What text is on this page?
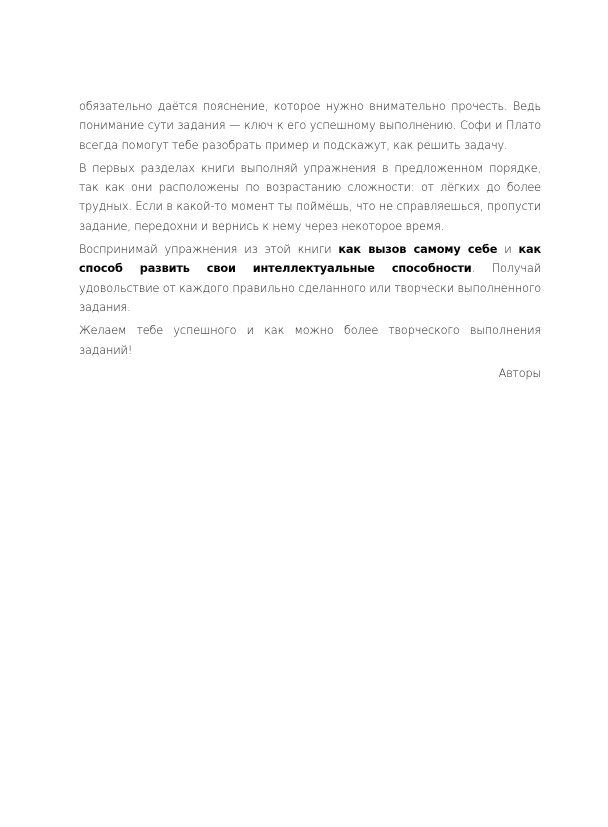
обязательно даётся пояснение, которое нужно внимательно прочесть. Ведь понимание сути задания — ключ к его успешному выполнению. Софи и Плато всегда помогут тебе разобрать пример и подскажут, как решить задачу.

В первых разделах книги выполняй упражнения в предложенном порядке, так как они расположены по возрастанию сложности: от лёгких до более трудных. Если в какой-то момент ты поймёшь, что не справляешься, пропусти задание, передохни и вернись к нему через некоторое время.

Воспринимай упражнения из этой книги как вызов самому себе и как способ развить свои интеллектуальные способности. Получай удовольствие от каждого правильно сделанного или творчески выполненного задания.

Желаем тебе успешного и как можно более творческого выполнения заданий!

Авторы
